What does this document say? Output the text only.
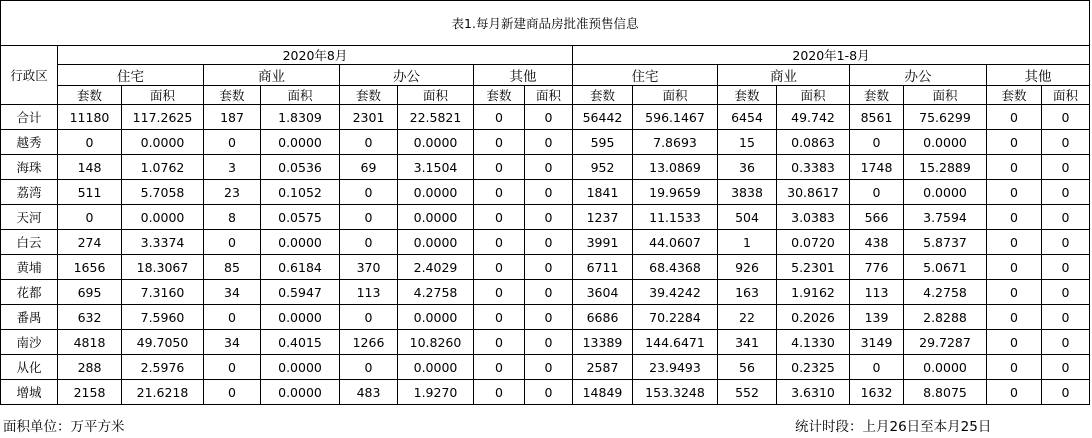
表1.每月新建商品房批准预售信息																
行政区	2020年8月								2020年1-8月							
	住宅		商业		办公		其他		住宅		商业		办公		其他	
	套数	面积	套数	面积	套数	面积	套数	面积	套数	面积	套数	面积	套数	面积	套数	面积
合计	11180	117.2625	187	1.8309	2301	22.5821	0	0	56442	596.1467	6454	49.742	8561	75.6299	0	0
越秀	0	0.0000	0	0.0000	0	0.0000	0	0	595	7.8693	15	0.0863	0	0.0000	0	0
海珠	148	1.0762	3	0.0536	69	3.1504	0	0	952	13.0869	36	0.3383	1748	15.2889	0	0
荔湾	511	5.7058	23	0.1052	0	0.0000	0	0	1841	19.9659	3838	30.8617	0	0.0000	0	0
天河	0	0.0000	8	0.0575	0	0.0000	0	0	1237	11.1533	504	3.0383	566	3.7594	0	0
白云	274	3.3374	0	0.0000	0	0.0000	0	0	3991	44.0607	1	0.0720	438	5.8737	0	0
黄埔	1656	18.3067	85	0.6184	370	2.4029	0	0	6711	68.4368	926	5.2301	776	5.0671	0	0
花都	695	7.3160	34	0.5947	113	4.2758	0	0	3604	39.4242	163	1.9162	113	4.2758	0	0
番禺	632	7.5960	0	0.0000	0	0.0000	0	0	6686	70.2284	22	0.2026	139	2.8288	0	0
南沙	4818	49.7050	34	0.4015	1266	10.8260	0	0	13389	144.6471	341	4.1330	3149	29.7287	0	0
从化	288	2.5976	0	0.0000	0	0.0000	0	0	2587	23.9493	56	0.2325	0	0.0000	0	0
增城	2158	21.6218	0	0.0000	483	1.9270	0	0	14849	153.3248	552	3.6310	1632	8.8075	0	0
面积单位：万平方米	统计时段：上月26日至本月25日
